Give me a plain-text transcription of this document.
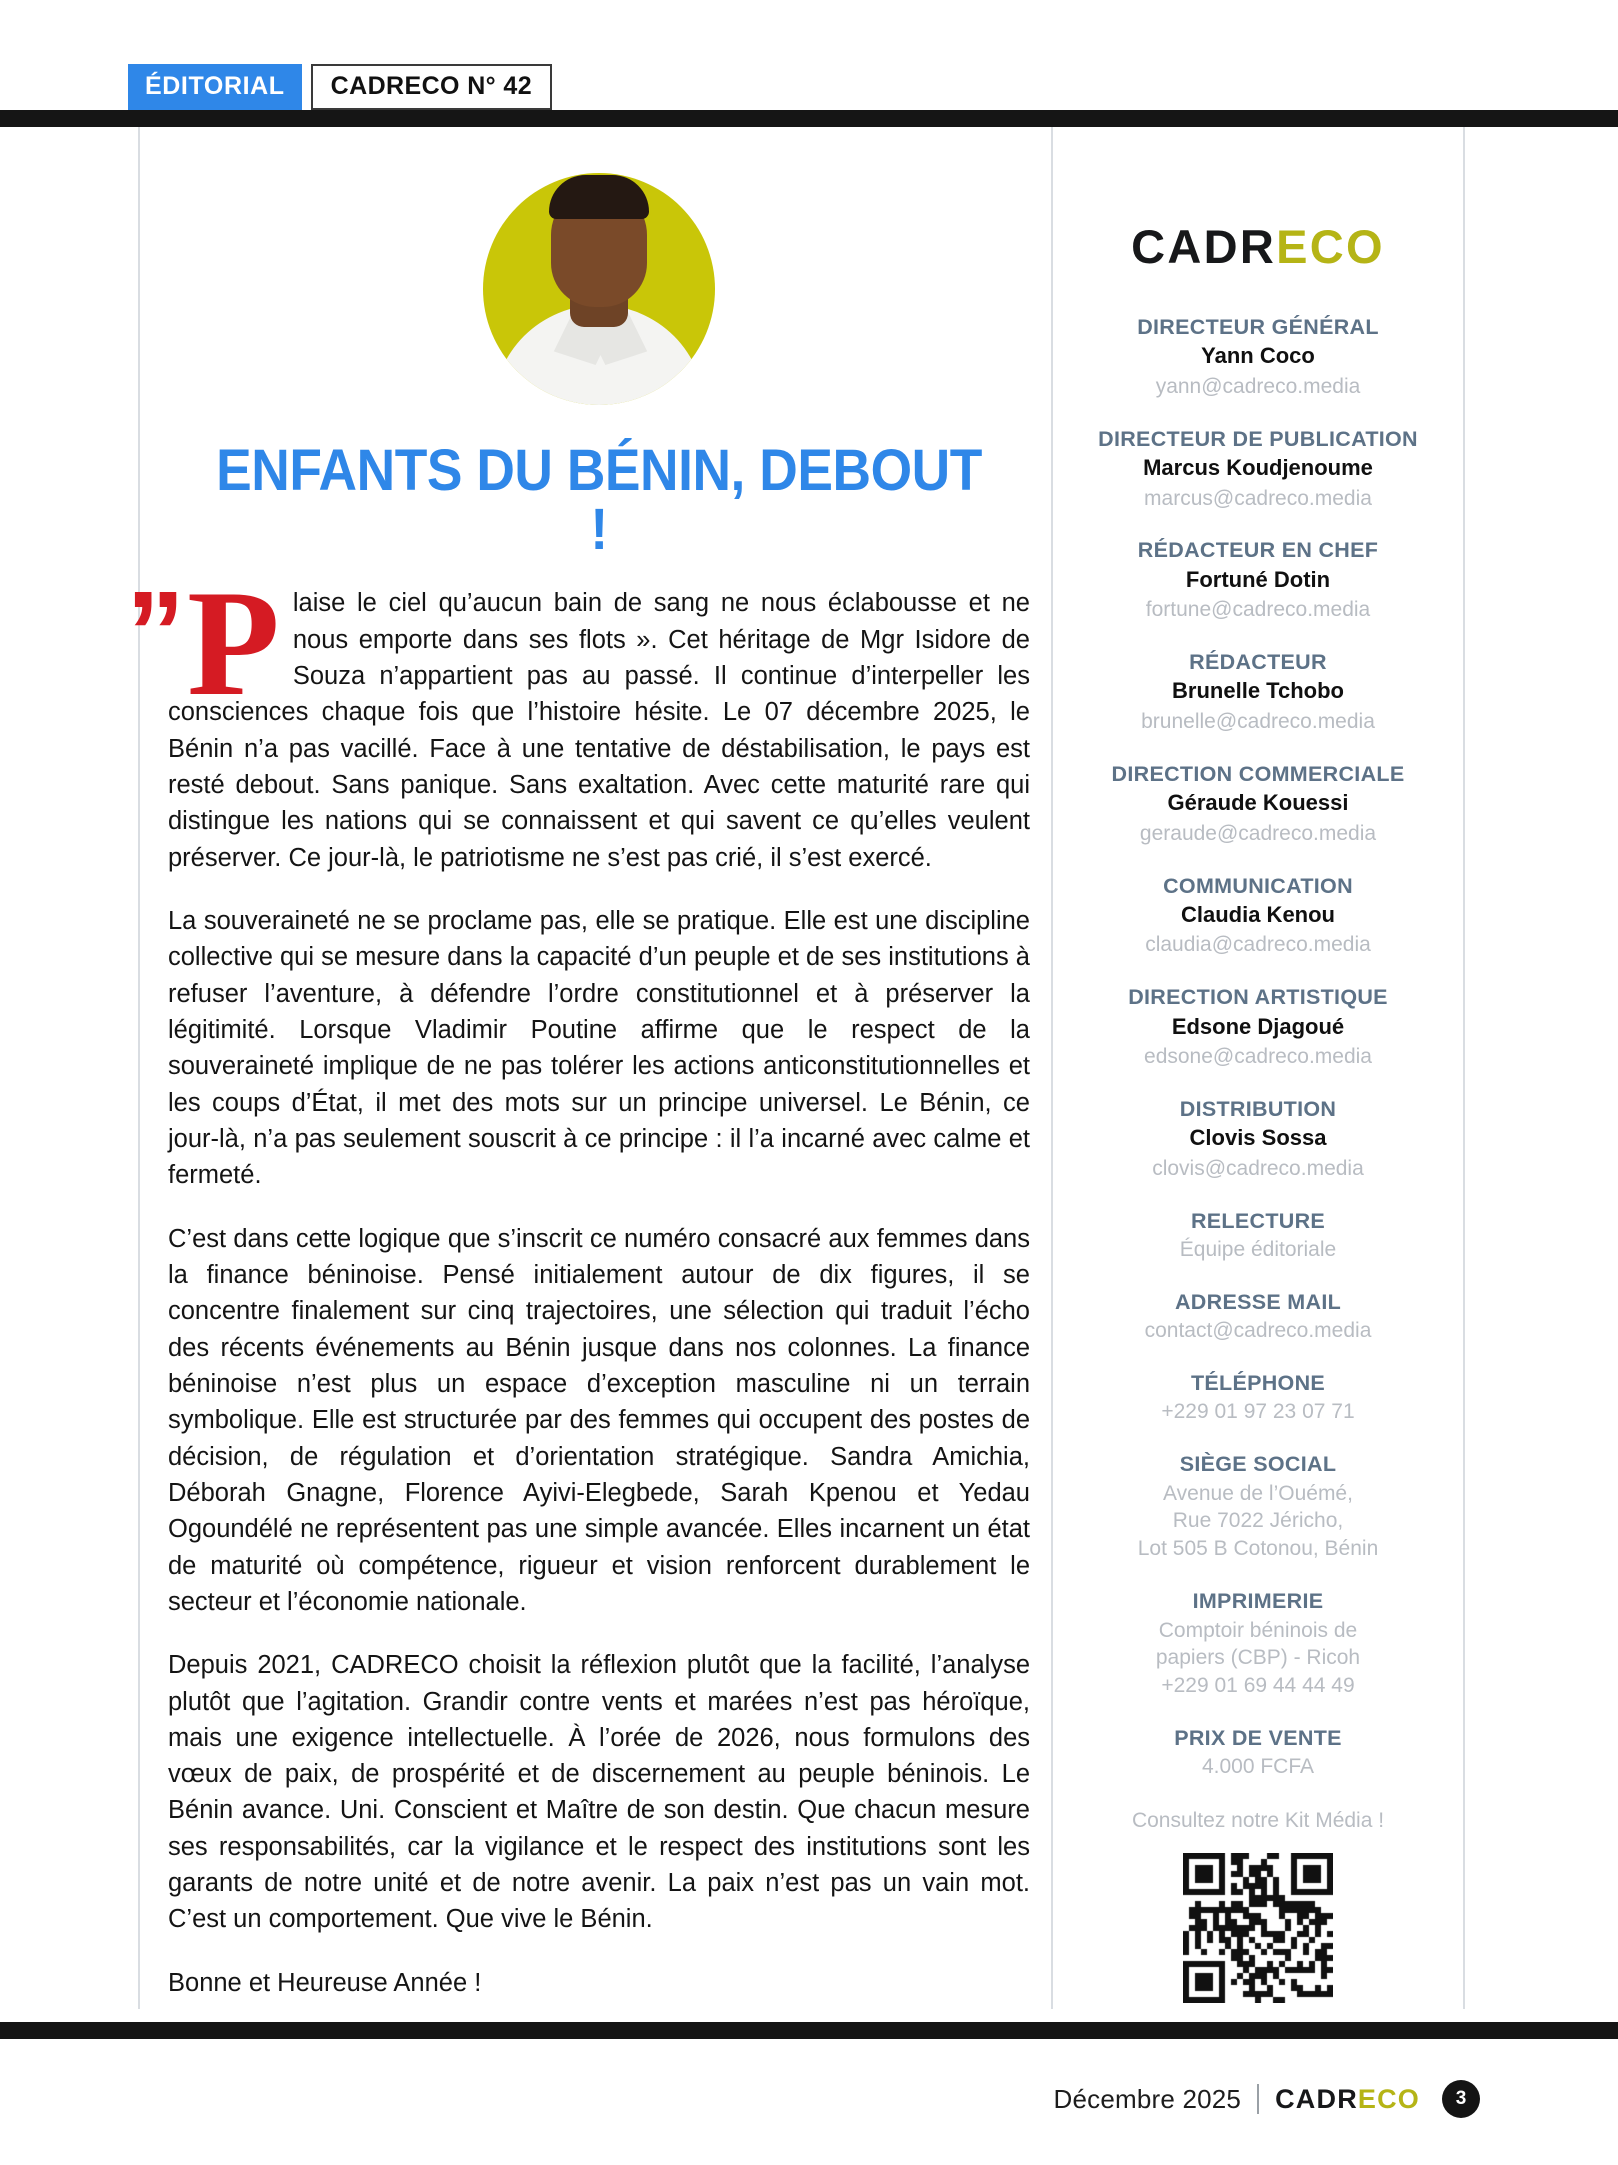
ÉDITORIAL	CADRECO N° 42
ENFANTS DU BÉNIN, DEBOUT !

” P laise le ciel qu’aucun bain de sang ne nous éclabousse et ne nous emporte dans ses flots ». Cet héritage de Mgr Isidore de Souza n’appartient pas au passé. Il continue d’interpeller les consciences chaque fois que l’histoire hésite. Le 07 décembre 2025, le Bénin n’a pas vacillé. Face à une tentative de déstabilisation, le pays est resté debout. Sans panique. Sans exaltation. Avec cette maturité rare qui distingue les nations qui se connaissent et qui savent ce qu’elles veulent préserver. Ce jour-là, le patriotisme ne s’est pas crié, il s’est exercé.

La souveraineté ne se proclame pas, elle se pratique. Elle est une discipline collective qui se mesure dans la capacité d’un peuple et de ses institutions à refuser l’aventure, à défendre l’ordre constitutionnel et à préserver la légitimité. Lorsque Vladimir Poutine affirme que le respect de la souveraineté implique de ne pas tolérer les actions anticonstitutionnelles et les coups d’État, il met des mots sur un principe universel. Le Bénin, ce jour-là, n’a pas seulement souscrit à ce principe : il l’a incarné avec calme et fermeté.

C’est dans cette logique que s’inscrit ce numéro consacré aux femmes dans la finance béninoise. Pensé initialement autour de dix figures, il se concentre finalement sur cinq trajectoires, une sélection qui traduit l’écho des récents événements au Bénin jusque dans nos colonnes. La finance béninoise n’est plus un espace d’exception masculine ni un terrain symbolique. Elle est structurée par des femmes qui occupent des postes de décision, de régulation et d’orientation stratégique. Sandra Amichia, Déborah Gnagne, Florence Ayivi-Elegbede, Sarah Kpenou et Yedau Ogoundélé ne représentent pas une simple avancée. Elles incarnent un état de maturité où compétence, rigueur et vision renforcent durablement le secteur et l’économie nationale.

Depuis 2021, CADRECO choisit la réflexion plutôt que la facilité, l’analyse plutôt que l’agitation. Grandir contre vents et marées n’est pas héroïque, mais une exigence intellectuelle. À l’orée de 2026, nous formulons des vœux de paix, de prospérité et de discernement au peuple béninois. Le Bénin avance. Uni. Conscient et Maître de son destin. Que chacun mesure ses responsabilités, car la vigilance et le respect des institutions sont les garants de notre unité et de notre avenir. La paix n’est pas un vain mot. C’est un comportement. Que vive le Bénin.

Bonne et Heureuse Année !

CADRECO
DIRECTEUR GÉNÉRAL
Yann Coco
yann@cadreco.media
DIRECTEUR DE PUBLICATION
Marcus Koudjenoume
marcus@cadreco.media
RÉDACTEUR EN CHEF
Fortuné Dotin
fortune@cadreco.media
RÉDACTEUR
Brunelle Tchobo
brunelle@cadreco.media
DIRECTION COMMERCIALE
Géraude Kouessi
geraude@cadreco.media
COMMUNICATION
Claudia Kenou
claudia@cadreco.media
DIRECTION ARTISTIQUE
Edsone Djagoué
edsone@cadreco.media
DISTRIBUTION
Clovis Sossa
clovis@cadreco.media
RELECTURE
Équipe éditoriale
ADRESSE MAIL
contact@cadreco.media
TÉLÉPHONE
+229 01 97 23 07 71
SIÈGE SOCIAL
Avenue de l’Ouémé,
Rue 7022 Jéricho,
Lot 505 B Cotonou, Bénin
IMPRIMERIE
Comptoir béninois de
papiers (CBP) - Ricoh
+229 01 69 44 44 49
PRIX DE VENTE
4.000 FCFA
Consultez notre Kit Média !
Décembre 2025 CADRECO	3
